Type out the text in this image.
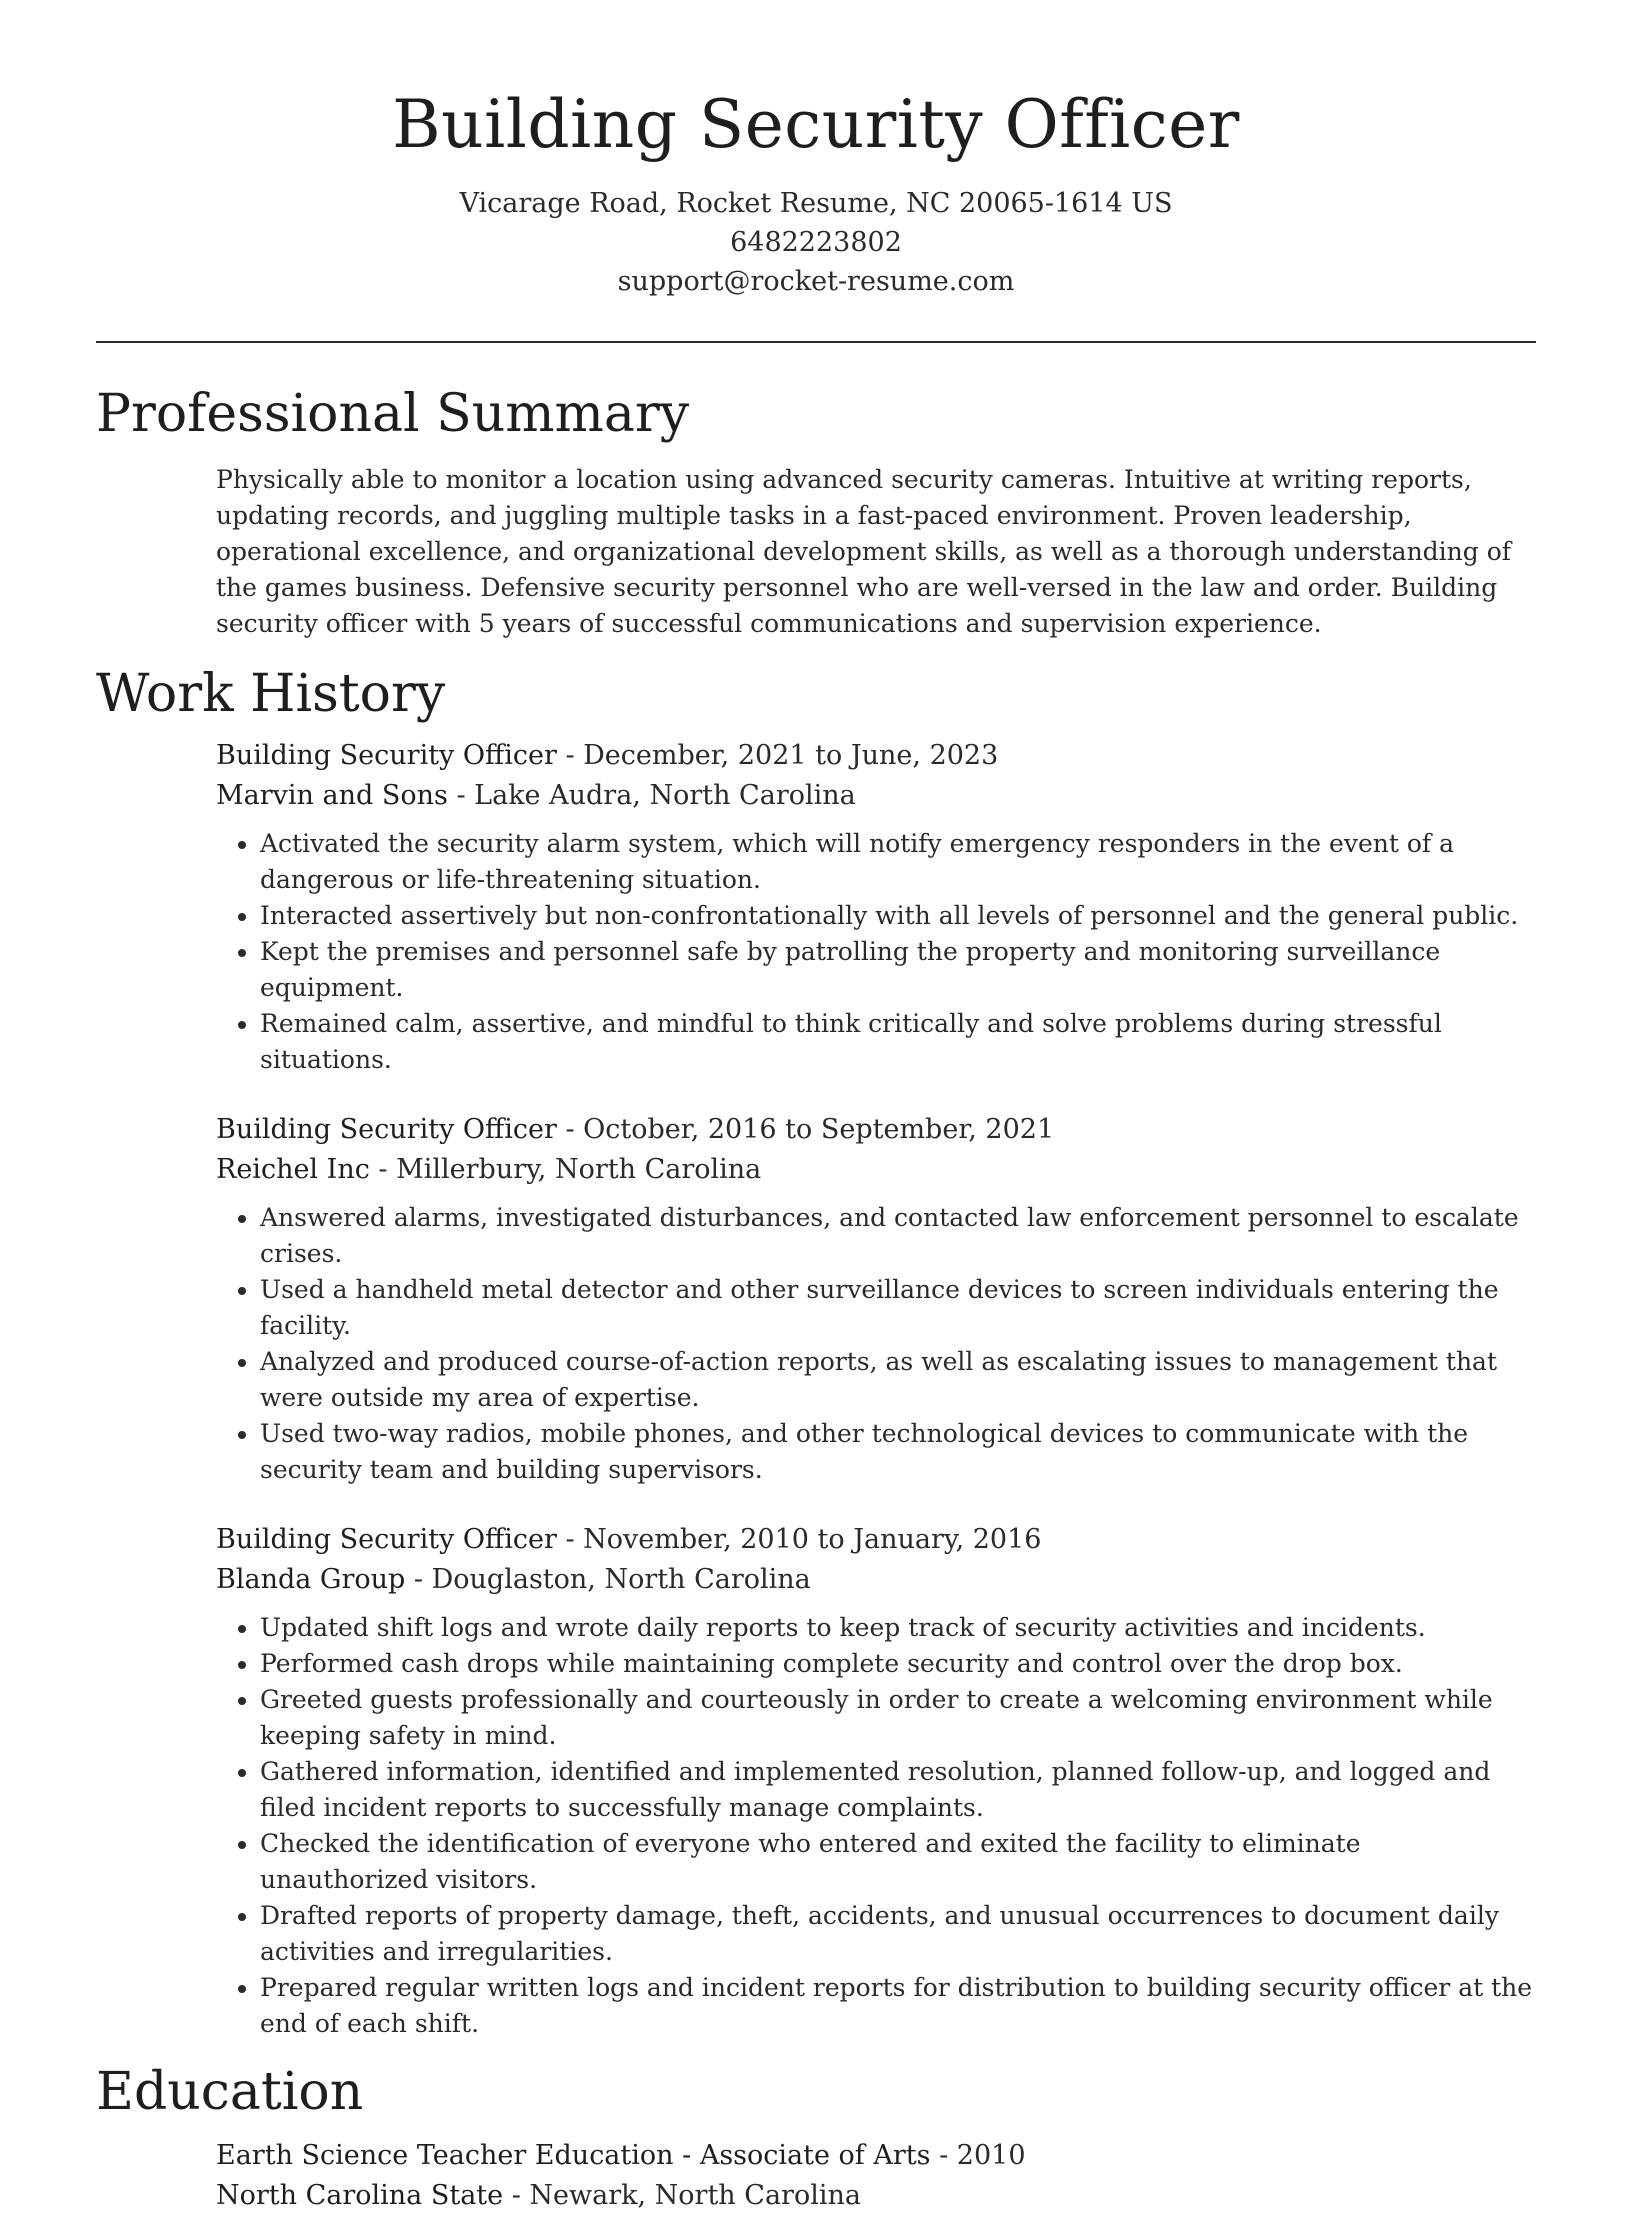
Building Security Officer
Vicarage Road, Rocket Resume, NC 20065-1614 US
6482223802
support@rocket-resume.com
Professional Summary
Physically able to monitor a location using advanced security cameras. Intuitive at writing reports, updating records, and juggling multiple tasks in a fast-paced environment. Proven leadership, operational excellence, and organizational development skills, as well as a thorough understanding of the games business. Defensive security personnel who are well-versed in the law and order. Building security officer with 5 years of successful communications and supervision experience.
Work History
Building Security Officer - December, 2021 to June, 2023
Marvin and Sons - Lake Audra, North Carolina
• Activated the security alarm system, which will notify emergency responders in the event of a dangerous or life-threatening situation.
• Interacted assertively but non-confrontationally with all levels of personnel and the general public.
• Kept the premises and personnel safe by patrolling the property and monitoring surveillance equipment.
• Remained calm, assertive, and mindful to think critically and solve problems during stressful situations.
Building Security Officer - October, 2016 to September, 2021
Reichel Inc - Millerbury, North Carolina
• Answered alarms, investigated disturbances, and contacted law enforcement personnel to escalate crises.
• Used a handheld metal detector and other surveillance devices to screen individuals entering the facility.
• Analyzed and produced course-of-action reports, as well as escalating issues to management that were outside my area of expertise.
• Used two-way radios, mobile phones, and other technological devices to communicate with the security team and building supervisors.
Building Security Officer - November, 2010 to January, 2016
Blanda Group - Douglaston, North Carolina
• Updated shift logs and wrote daily reports to keep track of security activities and incidents.
• Performed cash drops while maintaining complete security and control over the drop box.
• Greeted guests professionally and courteously in order to create a welcoming environment while keeping safety in mind.
• Gathered information, identified and implemented resolution, planned follow-up, and logged and filed incident reports to successfully manage complaints.
• Checked the identification of everyone who entered and exited the facility to eliminate unauthorized visitors.
• Drafted reports of property damage, theft, accidents, and unusual occurrences to document daily activities and irregularities.
• Prepared regular written logs and incident reports for distribution to building security officer at the end of each shift.
Education
Earth Science Teacher Education - Associate of Arts - 2010
North Carolina State - Newark, North Carolina
